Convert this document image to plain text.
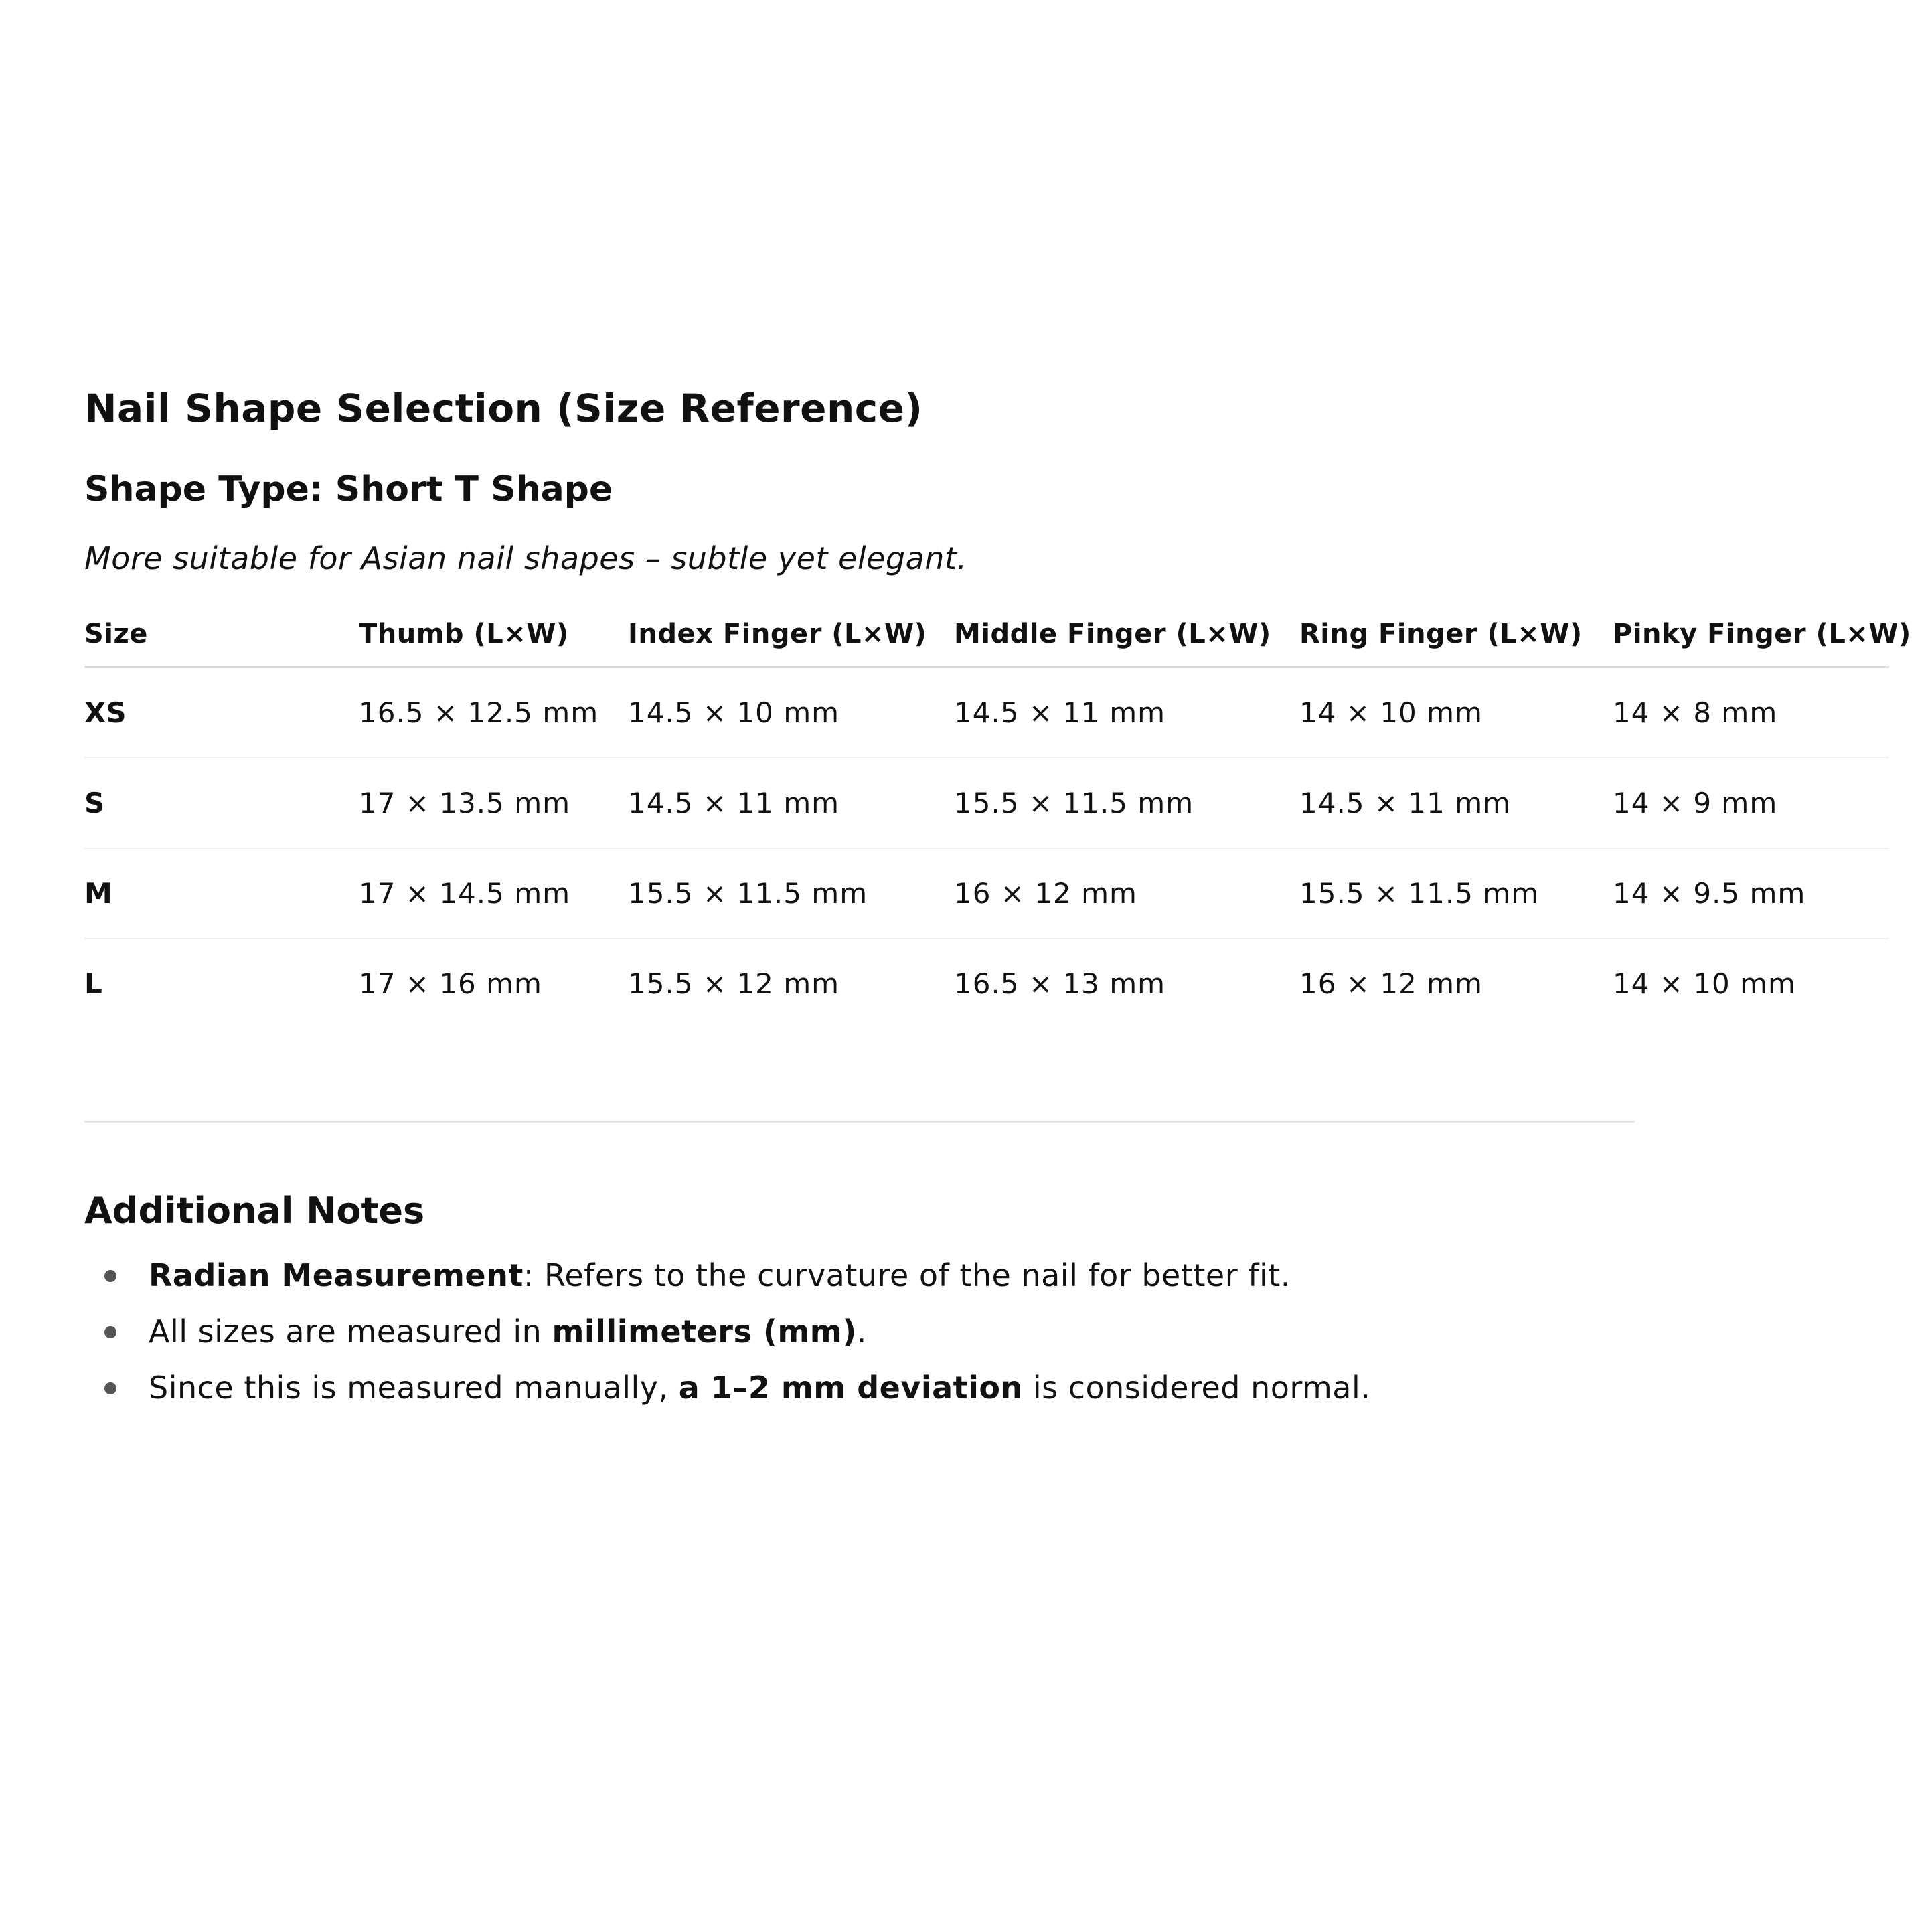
Nail Shape Selection (Size Reference)
Shape Type: Short T Shape

More suitable for Asian nail shapes – subtle yet elegant.

Size	Thumb (L×W)	Index Finger (L×W)	Middle Finger (L×W)	Ring Finger (L×W)	Pinky Finger (L×W)
XS	16.5 × 12.5 mm	14.5 × 10 mm	14.5 × 11 mm	14 × 10 mm	14 × 8 mm
S	17 × 13.5 mm	14.5 × 11 mm	15.5 × 11.5 mm	14.5 × 11 mm	14 × 9 mm
M	17 × 14.5 mm	15.5 × 11.5 mm	16 × 12 mm	15.5 × 11.5 mm	14 × 9.5 mm
L	17 × 16 mm	15.5 × 12 mm	16.5 × 13 mm	16 × 12 mm	14 × 10 mm
Additional Notes
Radian Measurement: Refers to the curvature of the nail for better fit.
All sizes are measured in millimeters (mm).
Since this is measured manually, a 1–2 mm deviation is considered normal.
